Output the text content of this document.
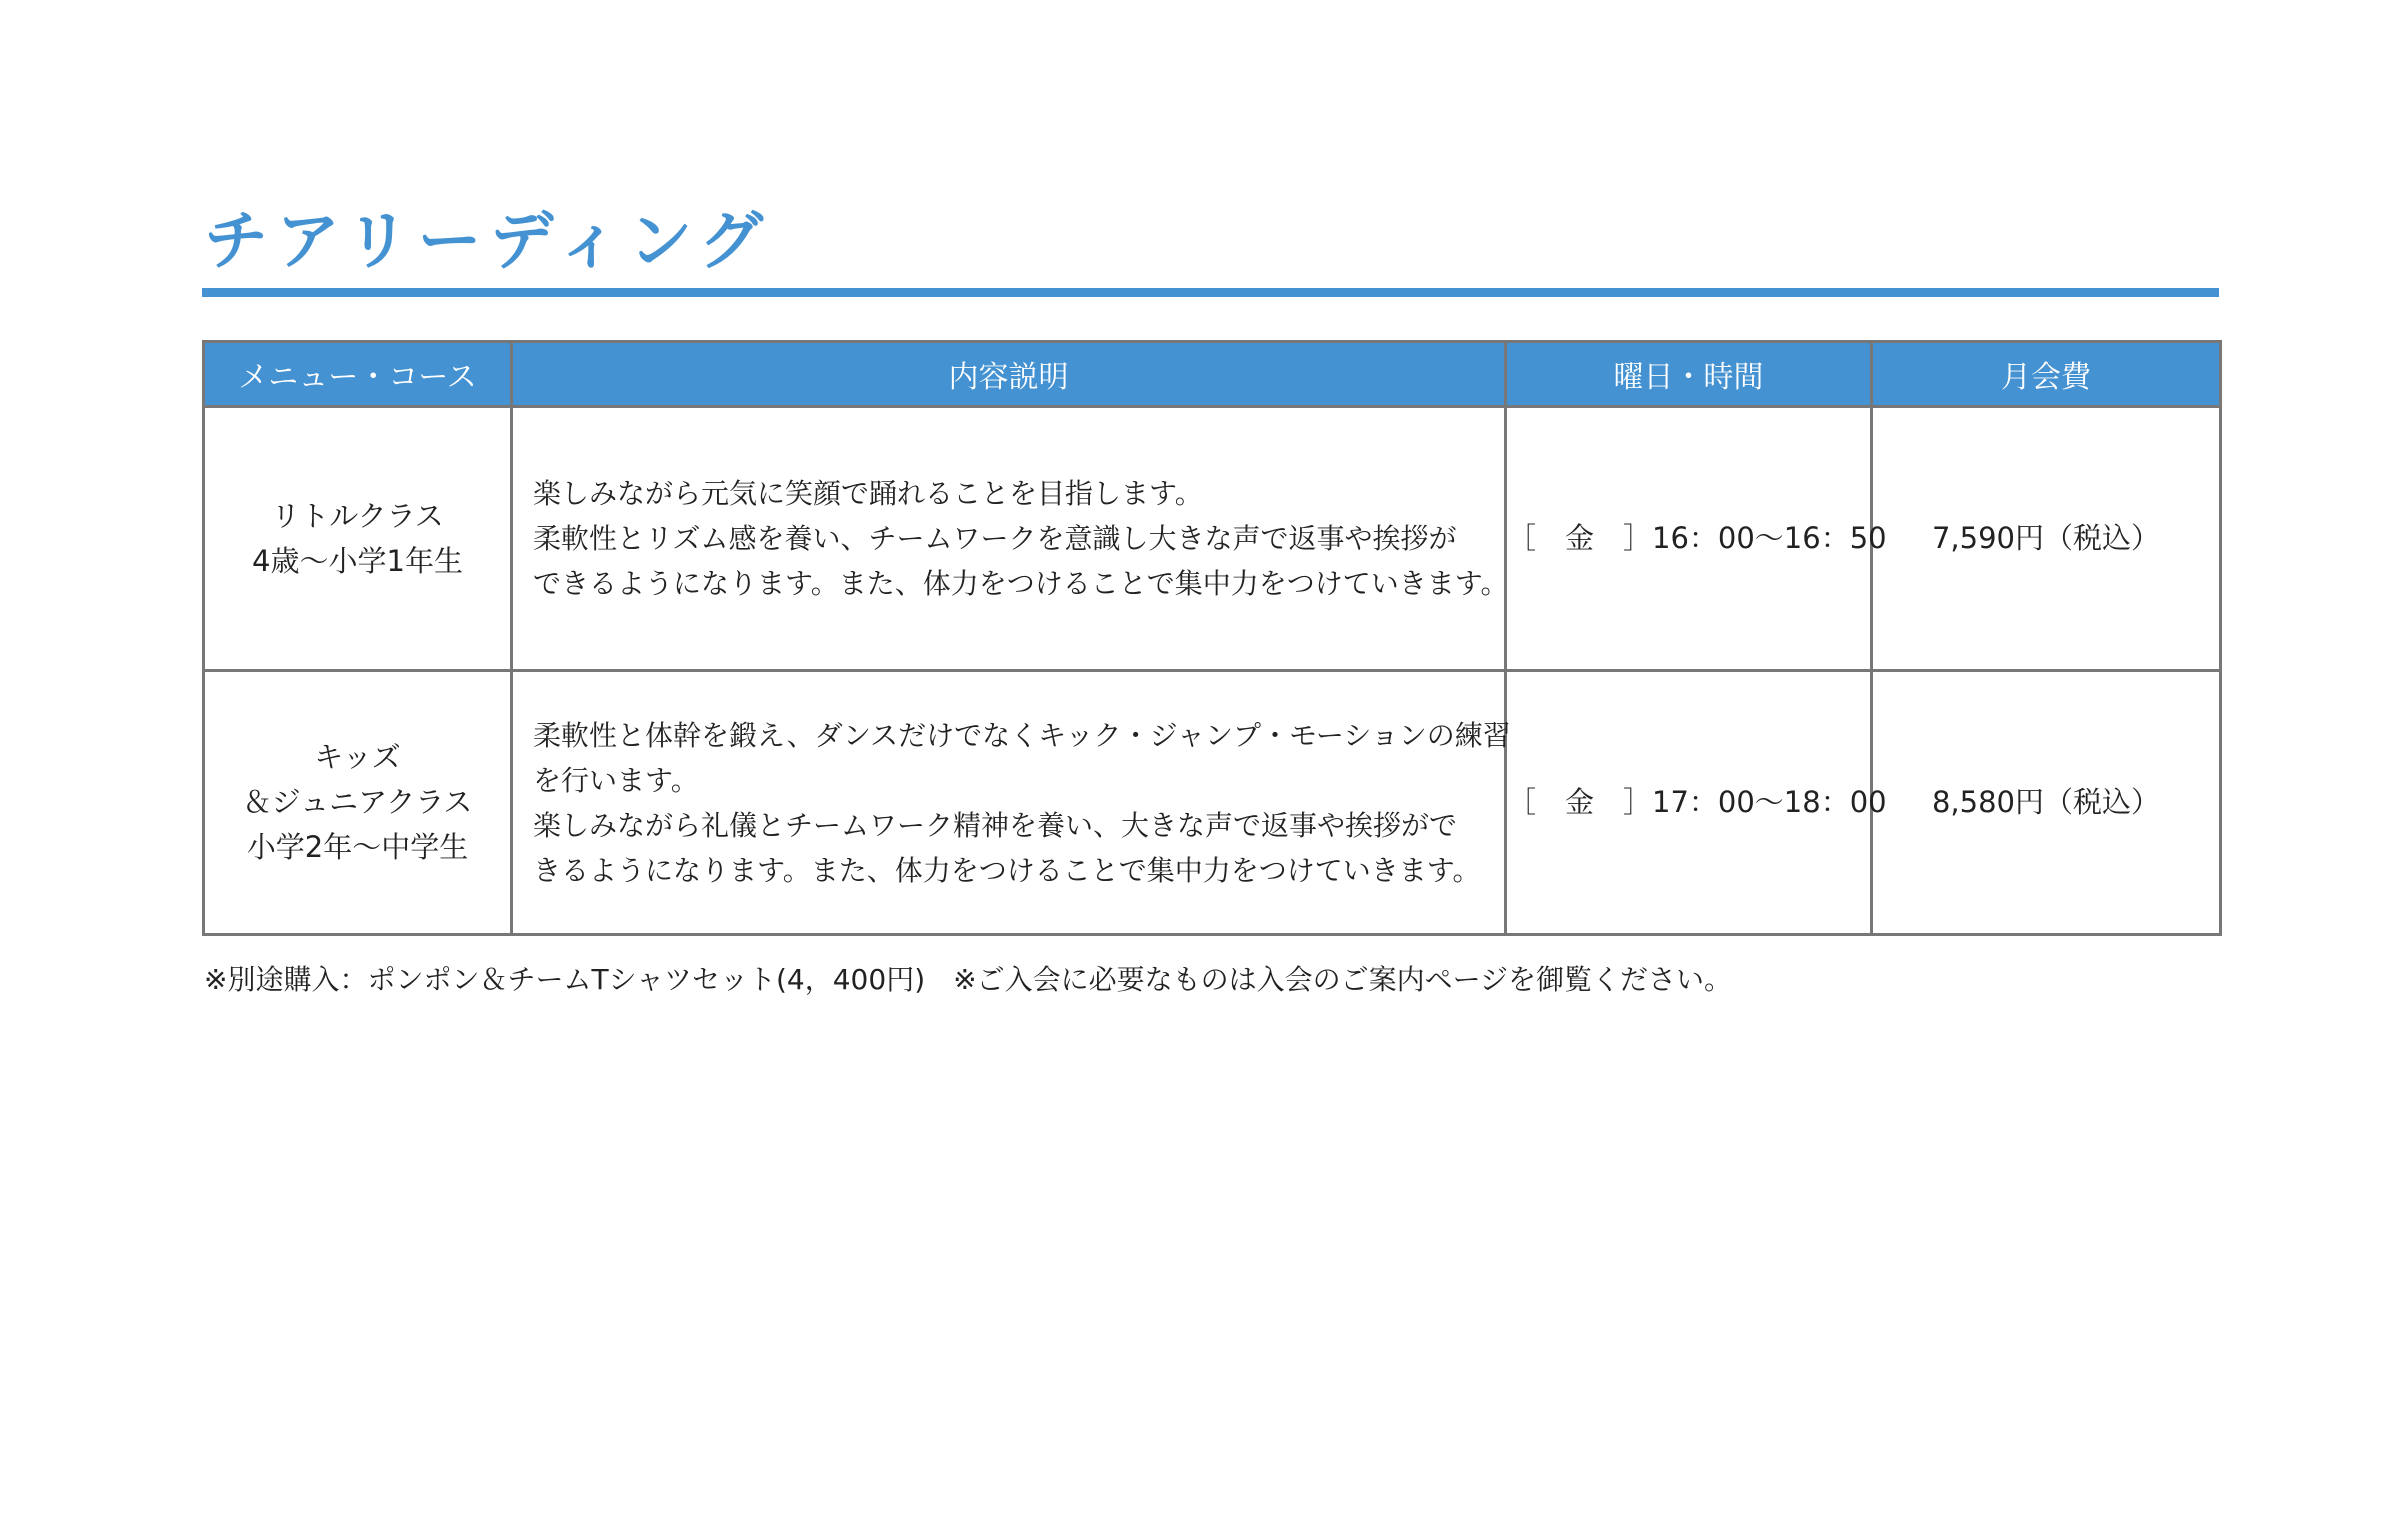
チアリーディング
メニュー・コース	内容説明	曜日・時間	月会費

リトルクラス
4歳〜小学1年生	楽しみながら元気に笑顔で踊れることを目指します。
柔軟性とリズム感を養い、チームワークを意識し大きな声で返事や挨拶が
できるようになります。また、体力をつけることで集中力をつけていきます。	［　金　］16：00〜16：50	7,590円（税込）

キッズ
＆ジュニアクラス
小学2年〜中学生	柔軟性と体幹を鍛え、ダンスだけでなくキック・ジャンプ・モーションの練習
を行います。
楽しみながら礼儀とチームワーク精神を養い、大きな声で返事や挨拶がで
きるようになります。また、体力をつけることで集中力をつけていきます。	［　金　］17：00〜18：00	8,580円（税込）

※別途購入：ポンポン＆チームTシャツセット(4，400円)　※ご入会に必要なものは入会のご案内ページを御覧ください。
